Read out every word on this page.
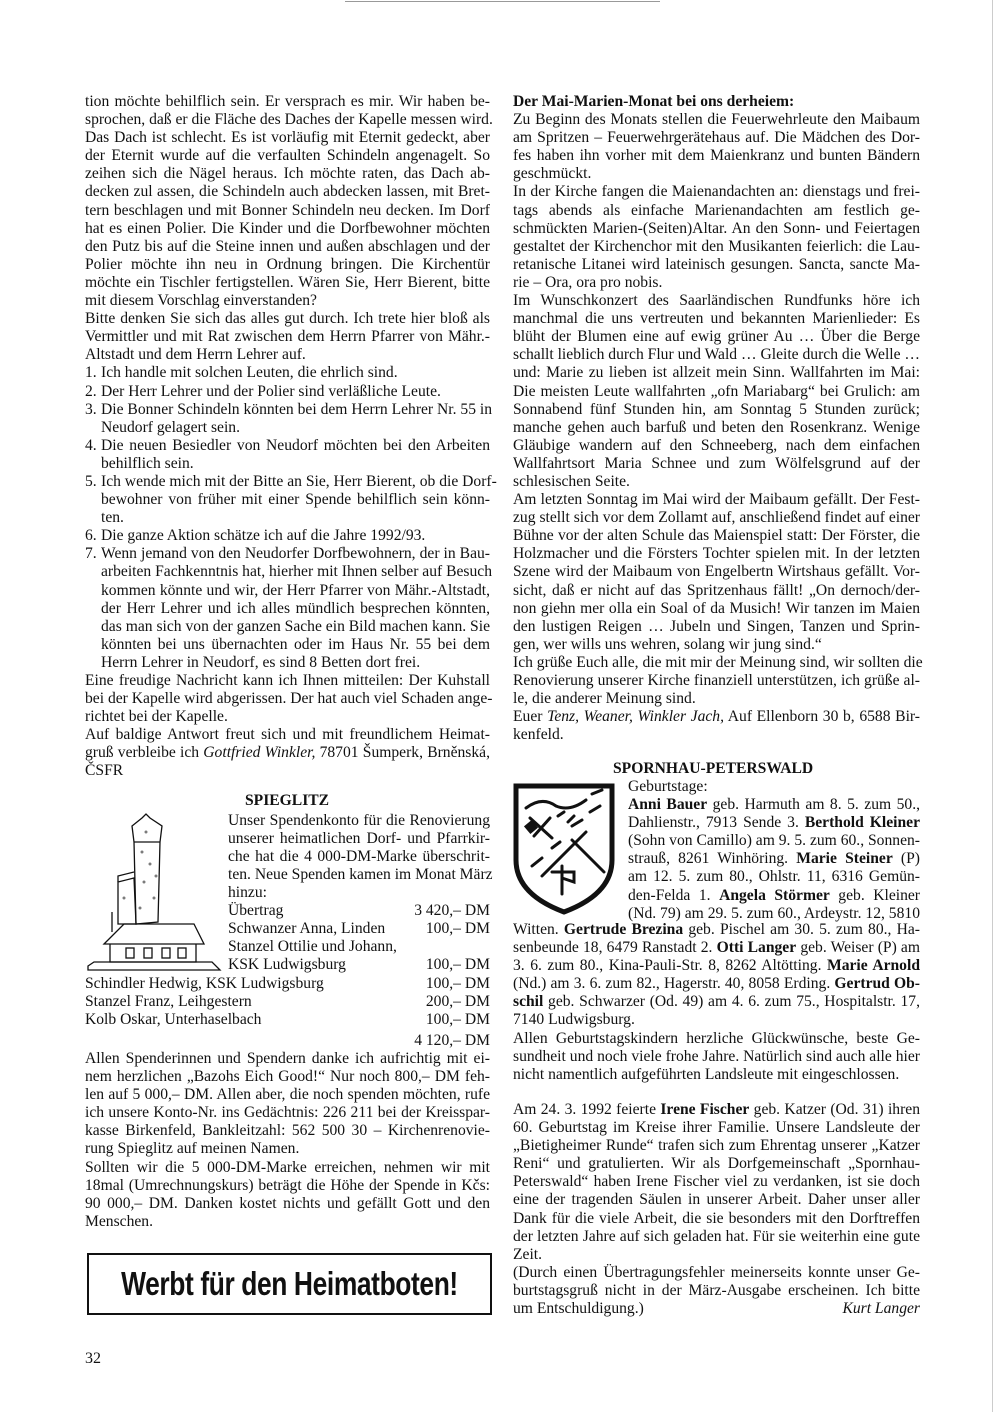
tion möchte behilflich sein. Er versprach es mir. Wir haben be-
sprochen, daß er die Fläche des Daches der Kapelle messen wird.
Das Dach ist schlecht. Es ist vorläufig mit Eternit gedeckt, aber
der Eternit wurde auf die verfaulten Schindeln angenagelt. So
zeihen sich die Nägel heraus. Ich möchte raten, das Dach ab-
decken zul assen, die Schindeln auch abdecken lassen, mit Bret-
tern beschlagen und mit Bonner Schindeln neu decken. Im Dorf
hat es einen Polier. Die Kinder und die Dorfbewohner möchten
den Putz bis auf die Steine innen und außen abschlagen und der
Polier möchte ihn neu in Ordnung bringen. Die Kirchentür
möchte ein Tischler fertigstellen. Wären Sie, Herr Bierent, bitte
mit diesem Vorschlag einverstanden?
Bitte denken Sie sich das alles gut durch. Ich trete hier bloß als
Vermittler und mit Rat zwischen dem Herrn Pfarrer von Mähr.-
Altstadt und dem Herrn Lehrer auf.
1. Ich handle mit solchen Leuten, die ehrlich sind.
2. Der Herr Lehrer und der Polier sind verläßliche Leute.
3. Die Bonner Schindeln könnten bei dem Herrn Lehrer Nr. 55 in
Neudorf gelagert sein.
4. Die neuen Besiedler von Neudorf möchten bei den Arbeiten
behilflich sein.
5. Ich wende mich mit der Bitte an Sie, Herr Bierent, ob die Dorf-
bewohner von früher mit einer Spende behilflich sein könn-
ten.
6. Die ganze Aktion schätze ich auf die Jahre 1992/93.
7. Wenn jemand von den Neudorfer Dorfbewohnern, der in Bau-
arbeiten Fachkenntnis hat, hierher mit Ihnen selber auf Besuch
kommen könnte und wir, der Herr Pfarrer von Mähr.-Altstadt,
der Herr Lehrer und ich alles mündlich besprechen könnten,
das man sich von der ganzen Sache ein Bild machen kann. Sie
könnten bei uns übernachten oder im Haus Nr. 55 bei dem
Herrn Lehrer in Neudorf, es sind 8 Betten dort frei.
Eine freudige Nachricht kann ich Ihnen mitteilen: Der Kuhstall
bei der Kapelle wird abgerissen. Der hat auch viel Schaden ange-
richtet bei der Kapelle.
Auf baldige Antwort freut sich und mit freundlichem Heimat-
gruß verbleibe ich Gottfried Winkler, 78701 Šumperk, Brněnská,
ČSFR
SPIEGLITZ
Unser Spendenkonto für die Renovierung
unserer heimatlichen Dorf- und Pfarrkir-
che hat die 4 000-DM-Marke überschrit-
ten. Neue Spenden kamen im Monat März
hinzu:
Übertrag	3 420,– DM
Schwanzer Anna, Linden	100,– DM
Stanzel Ottilie und Johann,
KSK Ludwigsburg	100,– DM
Schindler Hedwig, KSK Ludwigsburg	100,– DM
Stanzel Franz, Leihgestern	200,– DM
Kolb Oskar, Unterhaselbach	100,– DM
4 120,– DM
Allen Spenderinnen und Spendern danke ich aufrichtig mit ei-
nem herzlichen „Bazohs Eich Good!“ Nur noch 800,– DM feh-
len auf 5 000,– DM. Allen aber, die noch spenden möchten, rufe
ich unsere Konto-Nr. ins Gedächtnis: 226 211 bei der Kreisspar-
kasse Birkenfeld, Bankleitzahl: 562 500 30 – Kirchenrenovie-
rung Spieglitz auf meinen Namen.
Sollten wir die 5 000-DM-Marke erreichen, nehmen wir mit
18mal (Umrechnungskurs) beträgt die Höhe der Spende in Kčs:
90 000,– DM. Danken kostet nichts und gefällt Gott und den
Menschen.
Werbt für den Heimatboten!
32
Der Mai-Marien-Monat bei ons derheiem:
Zu Beginn des Monats stellen die Feuerwehrleute den Maibaum
am Spritzen – Feuerwehrgerätehaus auf. Die Mädchen des Dor-
fes haben ihn vorher mit dem Maienkranz und bunten Bändern
geschmückt.
In der Kirche fangen die Maienandachten an: dienstags und frei-
tags abends als einfache Marienandachten am festlich ge-
schmückten Marien-(Seiten)Altar. An den Sonn- und Feiertagen
gestaltet der Kirchenchor mit den Musikanten feierlich: die Lau-
retanische Litanei wird lateinisch gesungen. Sancta, sancte Ma-
rie – Ora, ora pro nobis.
Im Wunschkonzert des Saarländischen Rundfunks höre ich
manchmal die uns vertreuten und bekannten Marienlieder: Es
blüht der Blumen eine auf ewig grüner Au … Über die Berge
schallt lieblich durch Flur und Wald … Gleite durch die Welle …
und: Marie zu lieben ist allzeit mein Sinn. Wallfahrten im Mai:
Die meisten Leute wallfahrten „ofn Mariabarg“ bei Grulich: am
Sonnabend fünf Stunden hin, am Sonntag 5 Stunden zurück;
manche gehen auch barfuß und beten den Rosenkranz. Wenige
Gläubige wandern auf den Schneeberg, nach dem einfachen
Wallfahrtsort Maria Schnee und zum Wölfelsgrund auf der
schlesischen Seite.
Am letzten Sonntag im Mai wird der Maibaum gefällt. Der Fest-
zug stellt sich vor dem Zollamt auf, anschließend findet auf einer
Bühne vor der alten Schule das Maienspiel statt: Der Förster, die
Holzmacher und die Försters Tochter spielen mit. In der letzten
Szene wird der Maibaum von Engelbertn Wirtshaus gefällt. Vor-
sicht, daß er nicht auf das Spritzenhaus fällt! „On dernoch/der-
non giehn mer olla ein Soal of da Musich! Wir tanzen im Maien
den lustigen Reigen … Jubeln und Singen, Tanzen und Sprin-
gen, wer wills uns wehren, solang wir jung sind.“
Ich grüße Euch alle, die mit mir der Meinung sind, wir sollten die
Renovierung unserer Kirche finanziell unterstützen, ich grüße al-
le, die anderer Meinung sind.
Euer Tenz, Weaner, Winkler Jach, Auf Ellenborn 30 b, 6588 Bir-
kenfeld.
SPORNHAU-PETERSWALD
Geburtstage:
Anni Bauer geb. Harmuth am 8. 5. zum 50.,
Dahlienstr., 7913 Sende 3. Berthold Kleiner
(Sohn von Camillo) am 9. 5. zum 60., Sonnen-
strauß, 8261 Winhöring. Marie Steiner (P)
am 12. 5. zum 80., Ohlstr. 11, 6316 Gemün-
den-Felda 1. Angela Störmer geb. Kleiner
(Nd. 79) am 29. 5. zum 60., Ardeystr. 12, 5810
Witten. Gertrude Brezina geb. Pischel am 30. 5. zum 80., Ha-
senbeunde 18, 6479 Ranstadt 2. Otti Langer geb. Weiser (P) am
3. 6. zum 80., Kina-Pauli-Str. 8, 8262 Altötting. Marie Arnold
(Nd.) am 3. 6. zum 82., Hagerstr. 40, 8058 Erding. Gertrud Ob-
schil geb. Schwarzer (Od. 49) am 4. 6. zum 75., Hospitalstr. 17,
7140 Ludwigsburg.
Allen Geburtstagskindern herzliche Glückwünsche, beste Ge-
sundheit und noch viele frohe Jahre. Natürlich sind auch alle hier
nicht namentlich aufgeführten Landsleute mit eingeschlossen.
Am 24. 3. 1992 feierte Irene Fischer geb. Katzer (Od. 31) ihren
60. Geburtstag im Kreise ihrer Familie. Unsere Landsleute der
„Bietigheimer Runde“ trafen sich zum Ehrentag unserer „Katzer
Reni“ und gratulierten. Wir als Dorfgemeinschaft „Spornhau-
Peterswald“ haben Irene Fischer viel zu verdanken, ist sie doch
eine der tragenden Säulen in unserer Arbeit. Daher unser aller
Dank für die viele Arbeit, die sie besonders mit den Dorftreffen
der letzten Jahre auf sich geladen hat. Für sie weiterhin eine gute
Zeit.
(Durch einen Übertragungsfehler meinerseits konnte unser Ge-
burtstagsgruß nicht in der März-Ausgabe erscheinen. Ich bitte
um Entschuldigung.)	Kurt Langer
